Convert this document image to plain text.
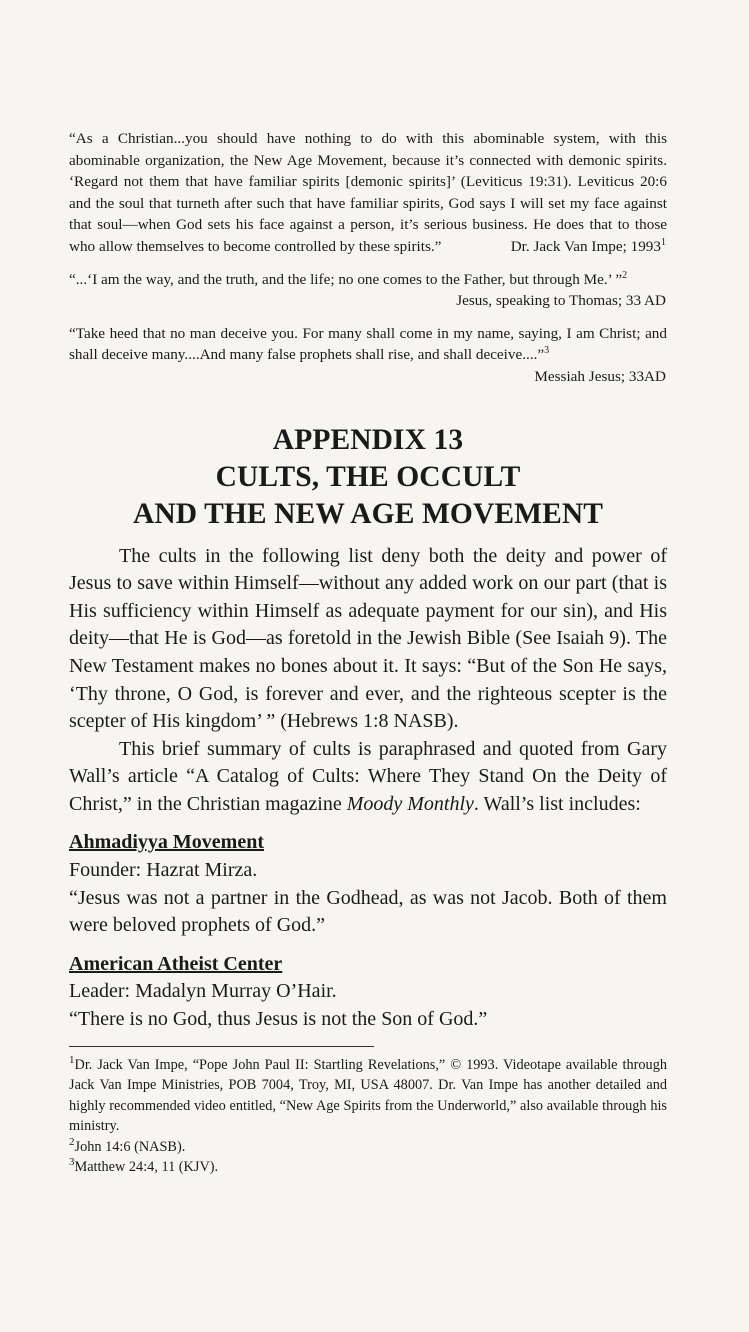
“As a Christian...you should have nothing to do with this abominable system, with this abominable organization, the New Age Movement, because it’s connected with demonic spirits. ‘Regard not them that have familiar spirits [demonic spirits]’ (Leviticus 19:31). Leviticus 20:6 and the soul that turneth after such that have familiar spirits, God says I will set my face against that soul—when God sets his face against a person, it’s serious business. He does that to those who allow themselves to become controlled by these spirits.”	Dr. Jack Van Impe; 1993$^1$
“...‘I am the way, and the truth, and the life; no one comes to the Father, but through Me.’ ”$^2$
Jesus, speaking to Thomas; 33 AD
“Take heed that no man deceive you. For many shall come in my name, saying, I am Christ; and shall deceive many....And many false prophets shall rise, and shall deceive....”$^3$
Messiah Jesus; 33AD
APPENDIX 13
CULTS, THE OCCULT
AND THE NEW AGE MOVEMENT

The cults in the following list deny both the deity and power of Jesus to save within Himself—without any added work on our part (that is His sufficiency within Himself as adequate payment for our sin), and His deity—that He is God—as foretold in the Jewish Bible (See Isaiah 9). The New Testament makes no bones about it. It says: “But of the Son He says, ‘Thy throne, O God, is forever and ever, and the righteous scepter is the scepter of His kingdom’ ” (Hebrews 1:8 NASB).

This brief summary of cults is paraphrased and quoted from Gary Wall’s article “A Catalog of Cults: Where They Stand On the Deity of Christ,” in the Christian magazine Moody Monthly. Wall’s list includes:

Ahmadiyya Movement
Founder: Hazrat Mirza.
“Jesus was not a partner in the Godhead, as was not Jacob. Both of them were beloved prophets of God.”
American Atheist Center
Leader: Madalyn Murray O’Hair.
“There is no God, thus Jesus is not the Son of God.”
$^1$Dr. Jack Van Impe, “Pope John Paul II: Startling Revelations,” © 1993. Videotape available through Jack Van Impe Ministries, POB 7004, Troy, MI, USA 48007. Dr. Van Impe has another detailed and highly recommended video entitled, “New Age Spirits from the Underworld,” also available through his ministry.
$^2$John 14:6 (NASB).
$^3$Matthew 24:4, 11 (KJV).
